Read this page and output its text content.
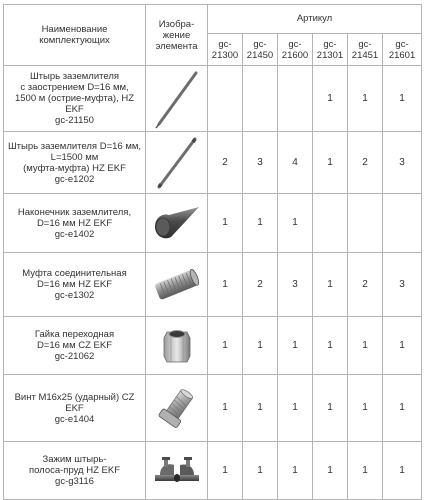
Наименование комплектующих	Изобра-
жение
элемента	Артикул					
		gc-
21300	gc-
21450	gc-
21600	gc-
21301	gc-
21451	gc-
21601
Штырь заземлителя
с заострением D=16 мм,
1500 м (острие-муфта), HZ
EKF
gc-21150					1	1	1
Штырь заземлителя D=16 мм,
L=1500 мм
(муфта-муфта) HZ EKF
gc-e1202		2	3	4	1	2	3
Наконечник заземлителя,
D=16 мм HZ EKF
gc-e1402		1	1	1			
Муфта соединительная
D=16 мм HZ EKF
gc-e1302		1	2	3	1	2	3
Гайка переходная
D=16 мм CZ EKF
gc-21062		1	1	1	1	1	1
Винт М16х25 (ударный) CZ
EKF
gc-e1404		1	1	1	1	1	1
Зажим штырь-
полоса-пруд HZ EKF
gc-g3116		1	1	1	1	1	1
